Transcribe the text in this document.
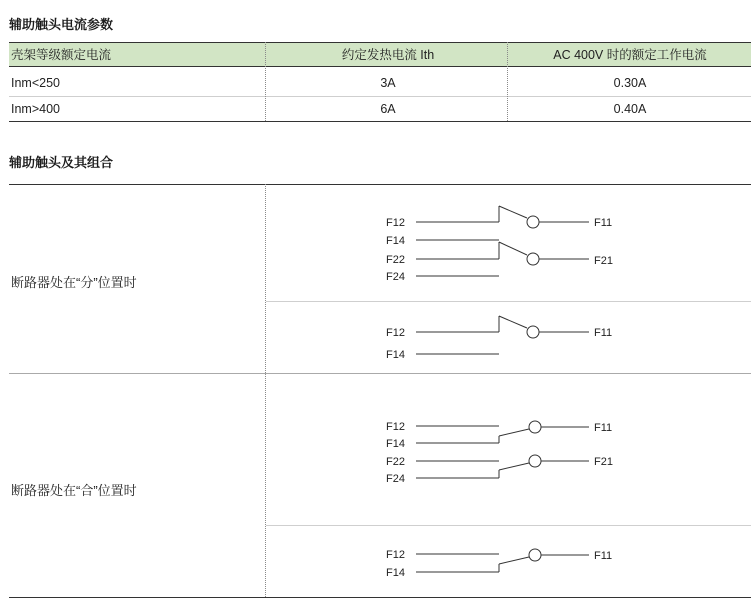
辅助触头电流参数
壳架等级额定电流	约定发热电流 Ith	AC 400V 时的额定工作电流
Inm<250	3A	0.30A
Inm>400	6A	0.40A
辅助触头及其组合
断路器处在“分”位置时
断路器处在“合”位置时
F12	F11
F14
F22	F21
F24
F12	F11
F14
F12
F14
F11
F22
F24
F21
F12
F14
F11
